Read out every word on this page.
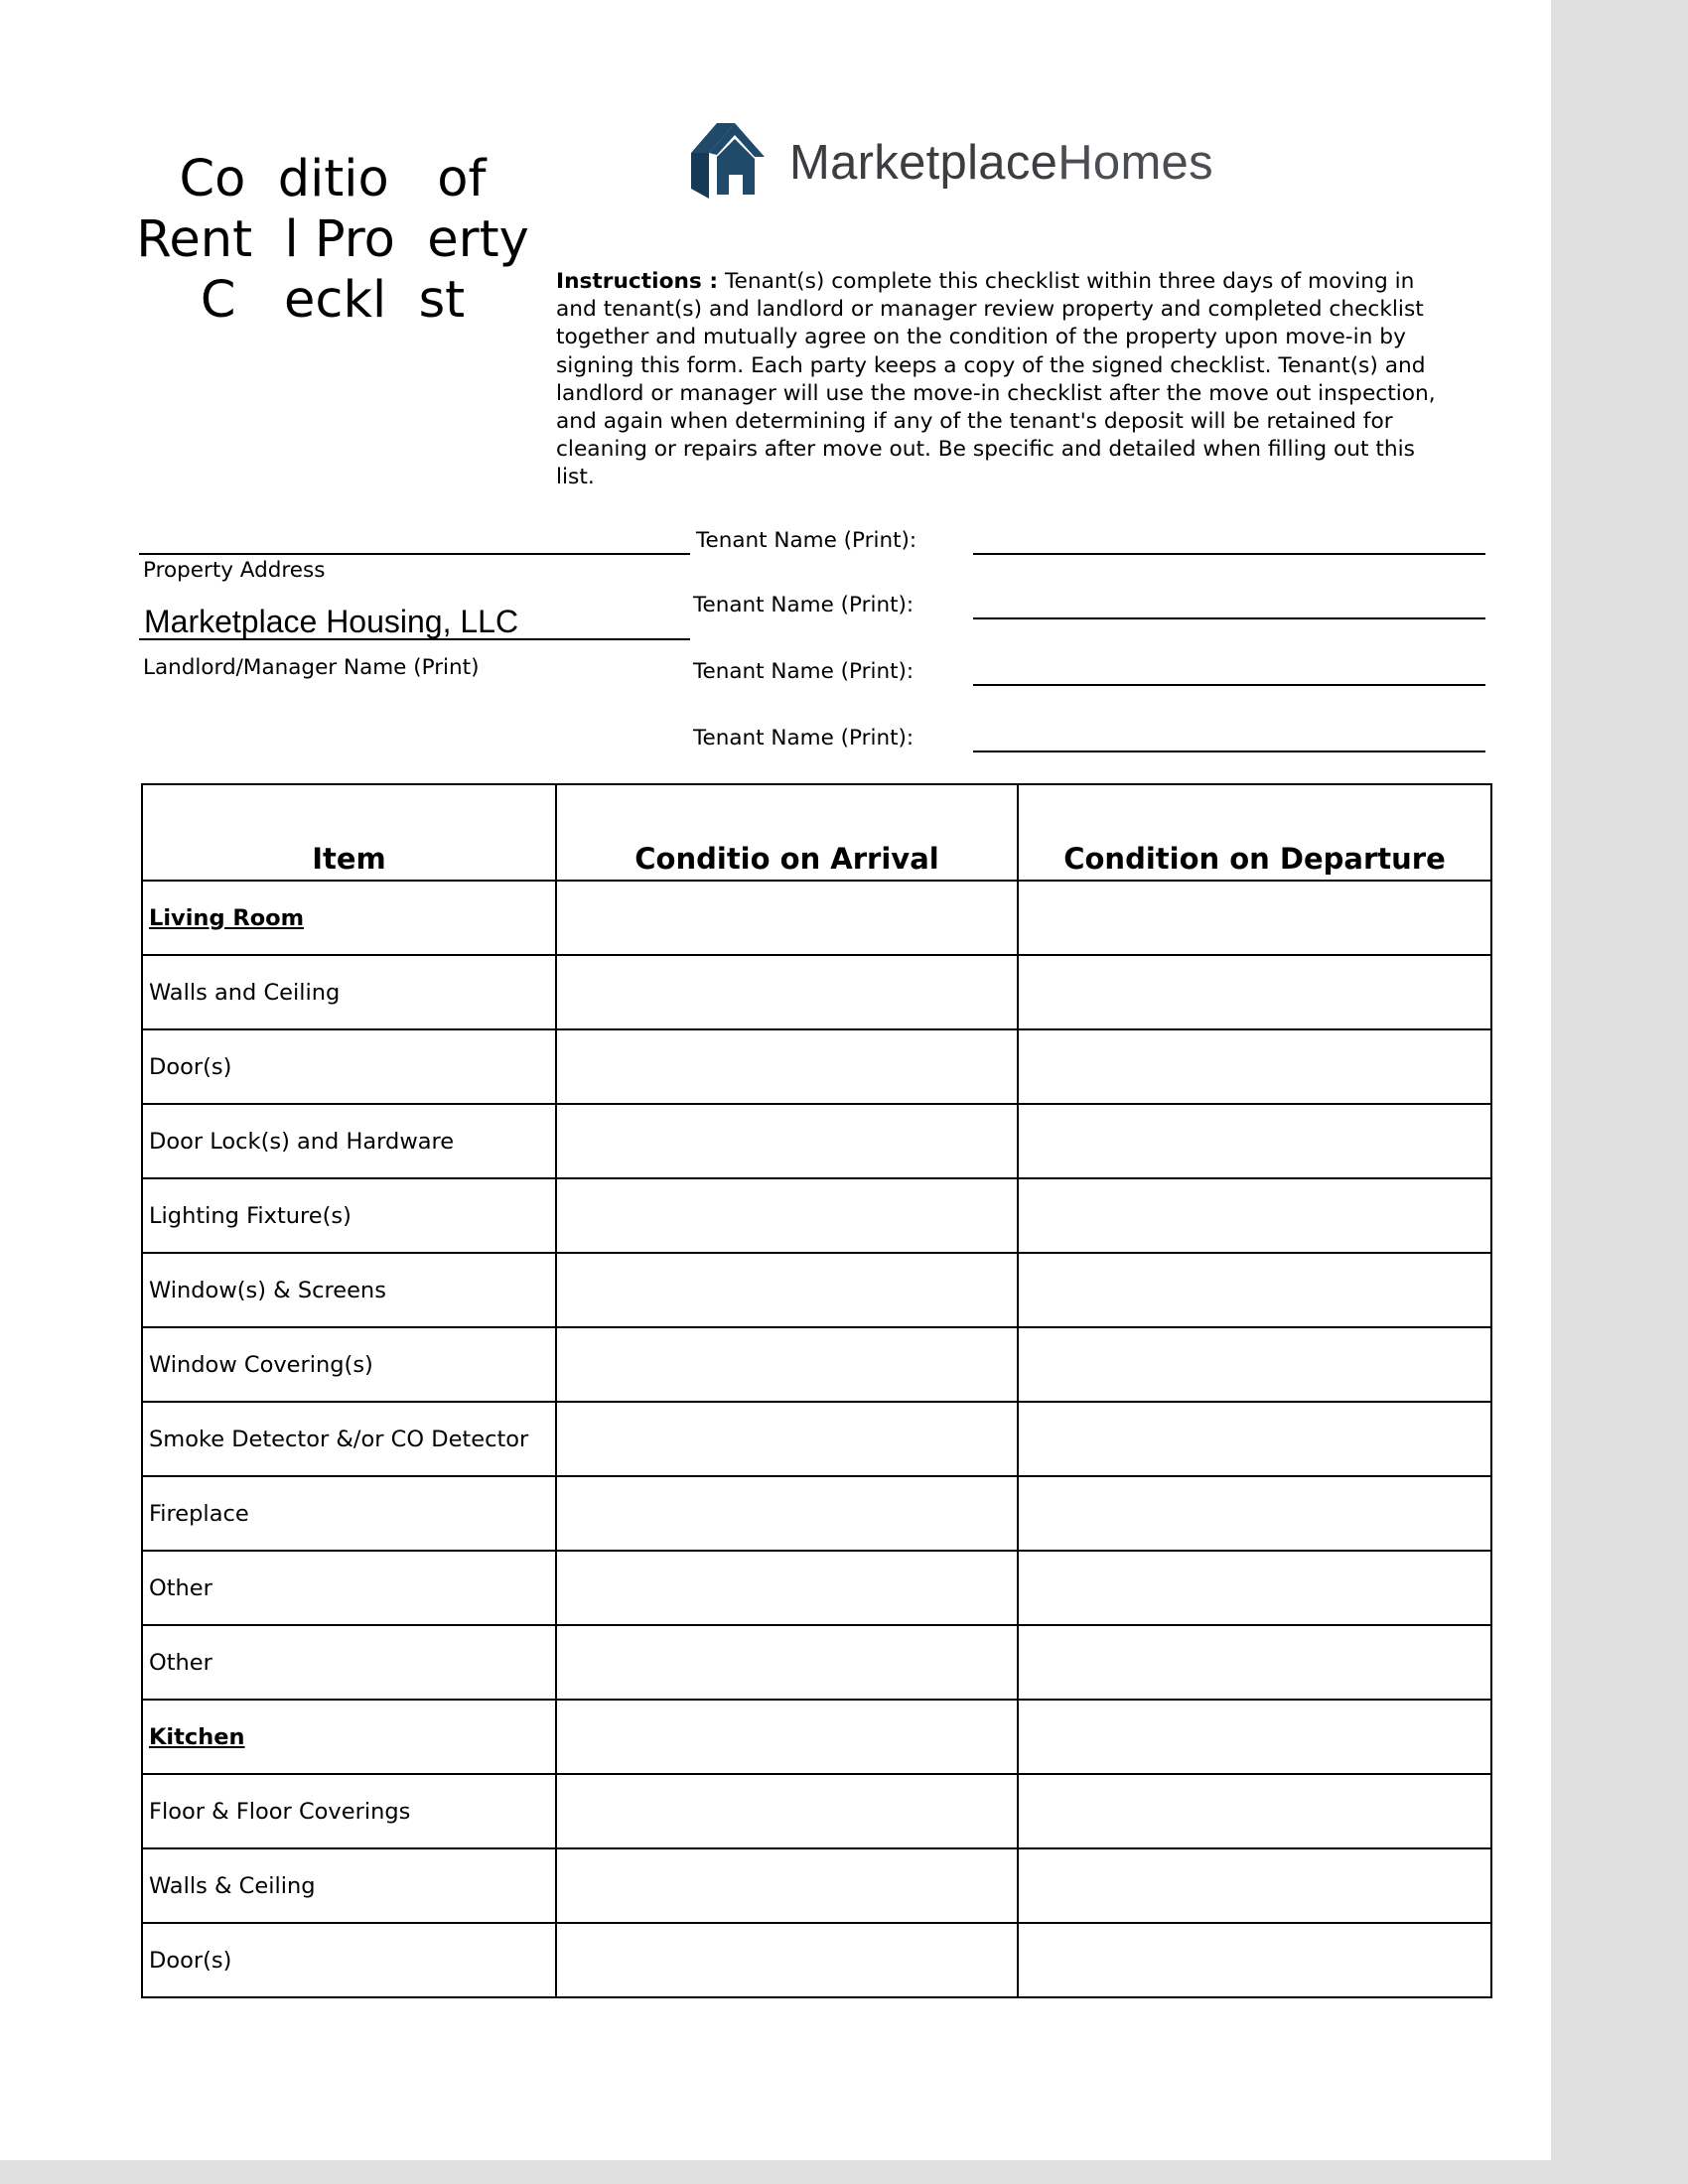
Co  ditio   of
Rent  l Pro  erty
C   eckl  st
MarketplaceHomes
Instructions : Tenant(s) complete this checklist within three days of moving in and tenant(s) and landlord or manager review property and completed checklist together and mutually agree on the condition of the property upon move-in by signing this form. Each party keeps a copy of the signed checklist. Tenant(s) and landlord or manager will use the move-in checklist after the move out inspection, and again when determining if any of the tenant's deposit will be retained for cleaning or repairs after move out. Be specific and detailed when filling out this list.
Property Address
Marketplace Housing, LLC
Landlord/Manager Name (Print)
Tenant Name (Print):
Tenant Name (Print):
Tenant Name (Print):
Tenant Name (Print):
Item	Conditio on Arrival	Condition on Departure
Living Room		
Walls and Ceiling		
Door(s)		
Door Lock(s) and Hardware		
Lighting Fixture(s)		
Window(s) & Screens		
Window Covering(s)		
Smoke Detector &/or CO Detector		
Fireplace		
Other		
Other		
Kitchen		
Floor & Floor Coverings		
Walls & Ceiling		
Door(s)		
